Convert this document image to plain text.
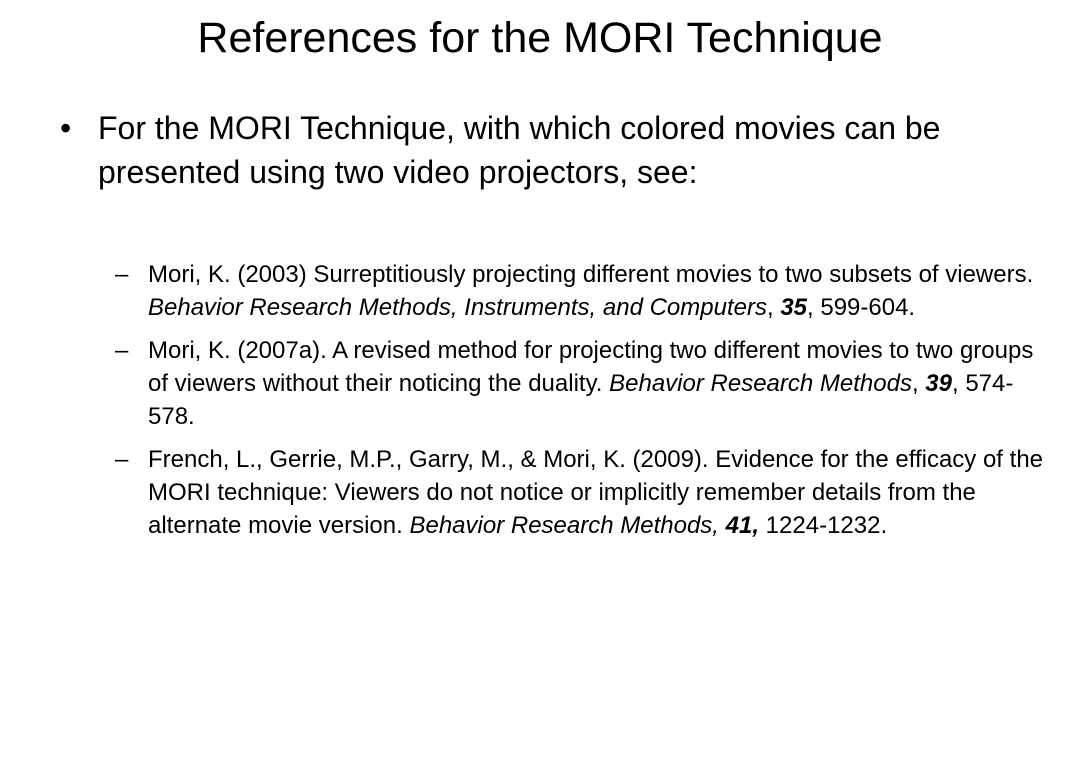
References for the MORI Technique
• For the MORI Technique, with which colored movies can be presented using two video projectors, see:
– Mori, K. (2003) Surreptitiously projecting different movies to two subsets of viewers. Behavior Research Methods, Instruments, and Computers, 35, 599-604.
– Mori, K. (2007a). A revised method for projecting two different movies to two groups of viewers without their noticing the duality. Behavior Research Methods, 39, 574-578.
– French, L., Gerrie, M.P., Garry, M., & Mori, K. (2009). Evidence for the efficacy of the MORI technique: Viewers do not notice or implicitly remember details from the alternate movie version. Behavior Research Methods, 41, 1224-1232.
